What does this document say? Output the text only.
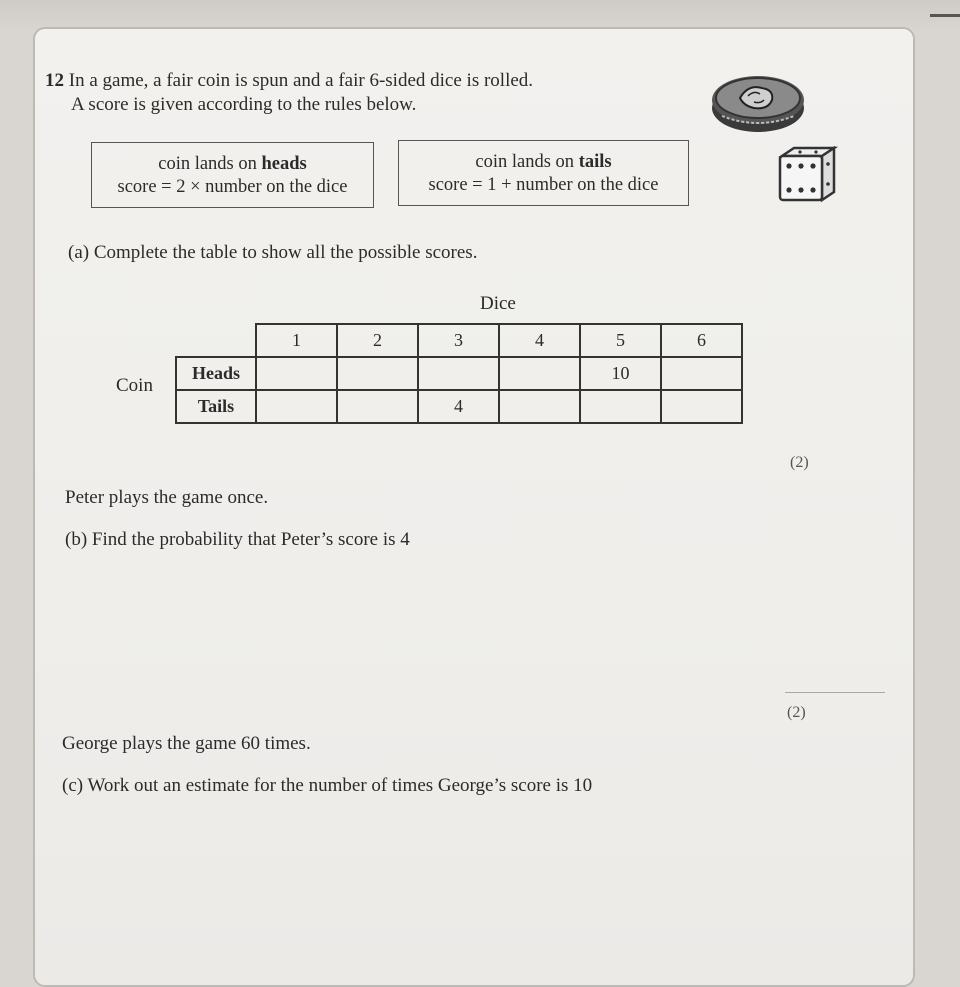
12 In a game, a fair coin is spun and a fair 6-sided dice is rolled.
A score is given according to the rules below.
coin lands on heads
score = 2 × number on the dice
coin lands on tails
score = 1 + number on the dice
(a) Complete the table to show all the possible scores.
Dice
Coin
	1	2	3	4	5	6
Heads					10	
Tails			4			
(2)
Peter plays the game once.
(b) Find the probability that Peter’s score is 4
(2)
George plays the game 60 times.
(c) Work out an estimate for the number of times George’s score is 10
